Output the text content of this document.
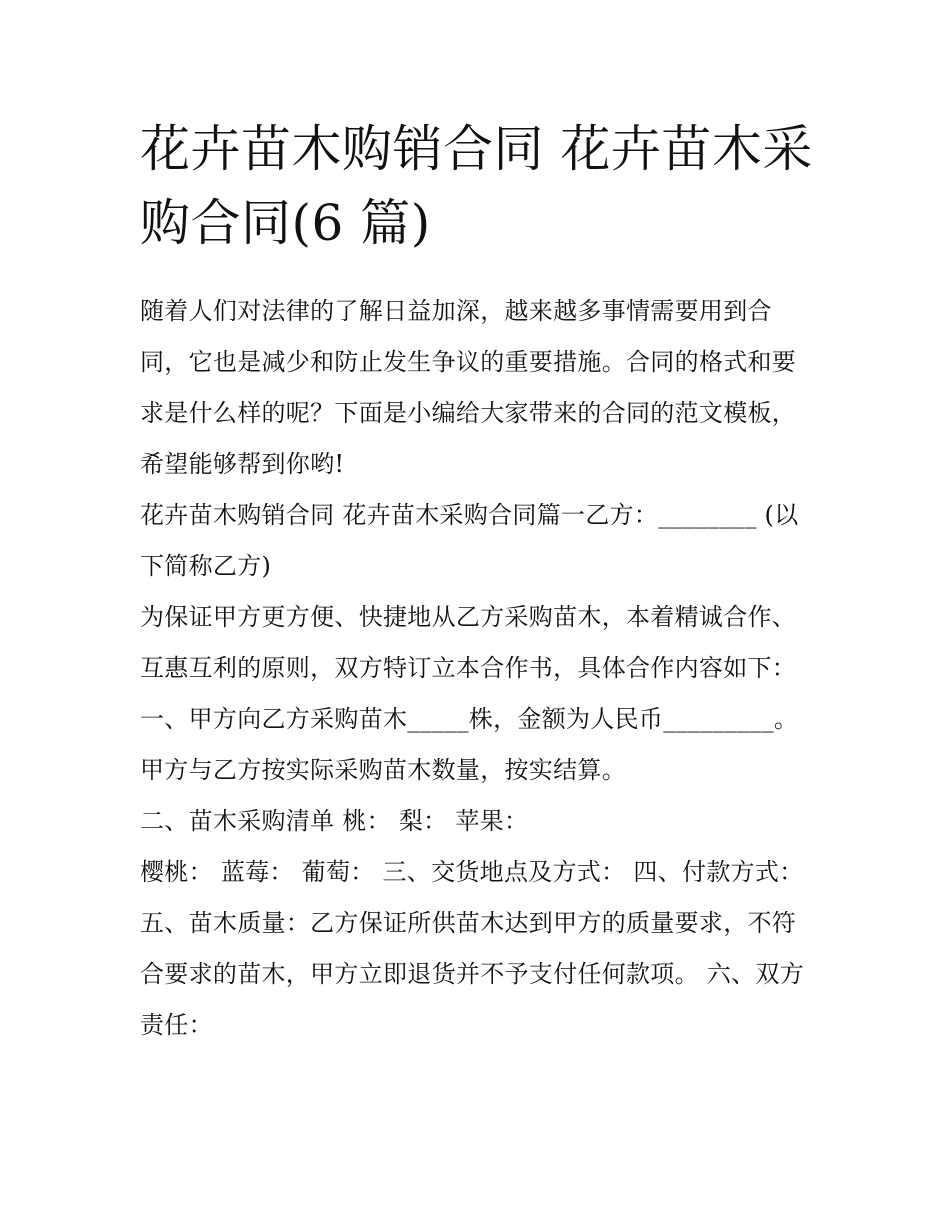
花卉苗木购销合同 花卉苗木采购合同(6 篇)

随着人们对法律的了解日益加深，越来越多事情需要用到合同，它也是减少和防止发生争议的重要措施。合同的格式和要求是什么样的呢？下面是小编给大家带来的合同的范文模板，希望能够帮到你哟!

花卉苗木购销合同 花卉苗木采购合同篇一乙方：________ (以下简称乙方)

为保证甲方更方便、快捷地从乙方采购苗木，本着精诚合作、互惠互利的原则，双方特订立本合作书，具体合作内容如下：

一、甲方向乙方采购苗木_____株，金额为人民币_________。甲方与乙方按实际采购苗木数量，按实结算。

二、苗木采购清单 桃： 梨： 苹果：

樱桃： 蓝莓： 葡萄： 三、交货地点及方式： 四、付款方式：

五、苗木质量：乙方保证所供苗木达到甲方的质量要求，不符合要求的苗木，甲方立即退货并不予支付任何款项。 六、双方责任：
